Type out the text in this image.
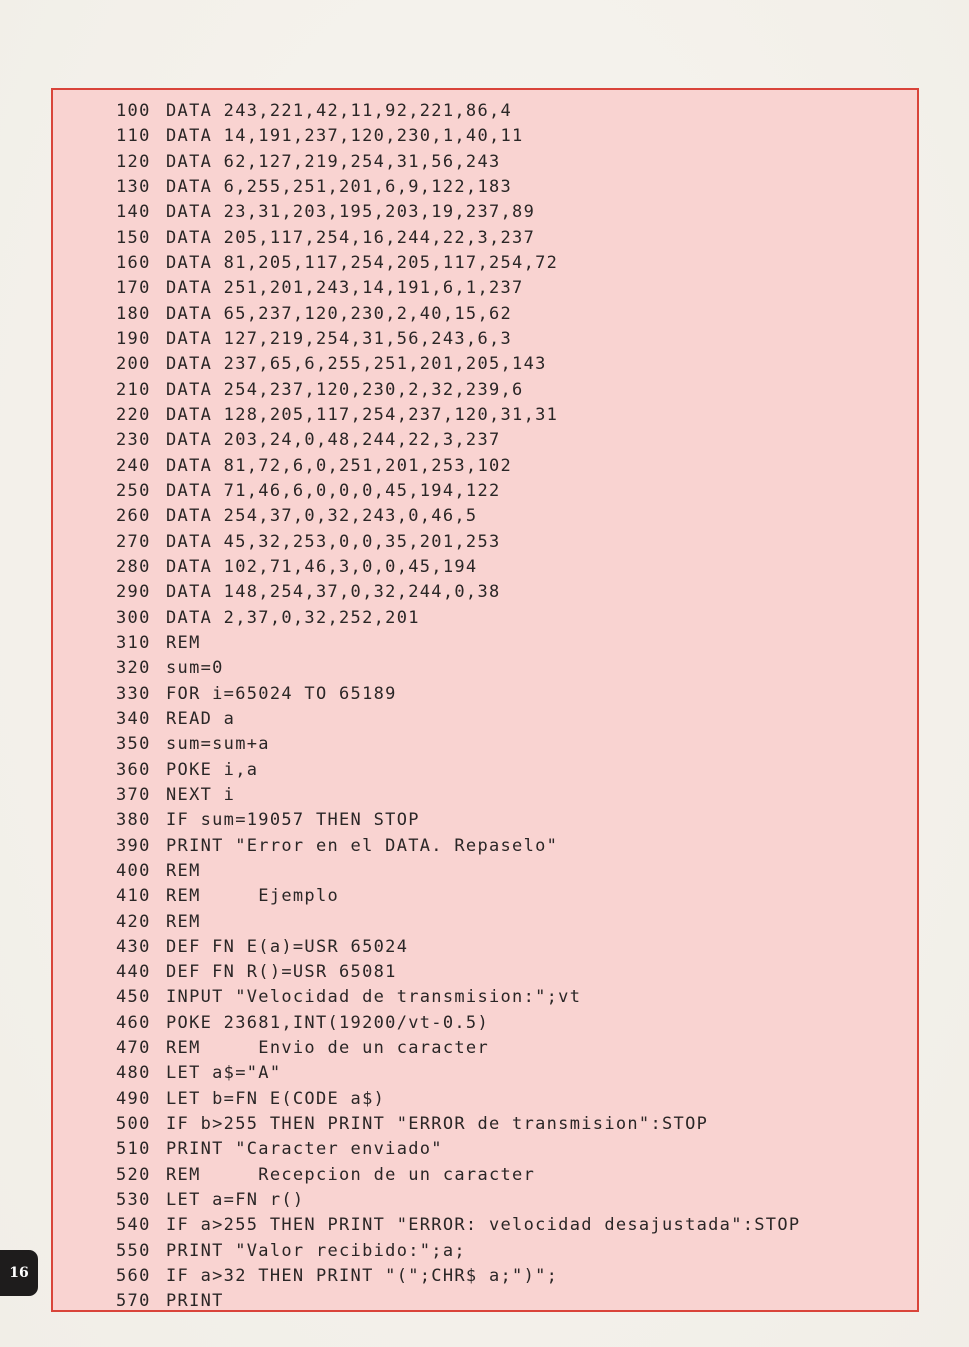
100 DATA 243,221,42,11,92,221,86,4
110 DATA 14,191,237,120,230,1,40,11
120 DATA 62,127,219,254,31,56,243
130 DATA 6,255,251,201,6,9,122,183
140 DATA 23,31,203,195,203,19,237,89
150 DATA 205,117,254,16,244,22,3,237
160 DATA 81,205,117,254,205,117,254,72
170 DATA 251,201,243,14,191,6,1,237
180 DATA 65,237,120,230,2,40,15,62
190 DATA 127,219,254,31,56,243,6,3
200 DATA 237,65,6,255,251,201,205,143
210 DATA 254,237,120,230,2,32,239,6
220 DATA 128,205,117,254,237,120,31,31
230 DATA 203,24,0,48,244,22,3,237
240 DATA 81,72,6,0,251,201,253,102
250 DATA 71,46,6,0,0,0,45,194,122
260 DATA 254,37,0,32,243,0,46,5
270 DATA 45,32,253,0,0,35,201,253
280 DATA 102,71,46,3,0,0,45,194
290 DATA 148,254,37,0,32,244,0,38
300 DATA 2,37,0,32,252,201
310 REM
320 sum=0
330 FOR i=65024 TO 65189
340 READ a
350 sum=sum+a
360 POKE i,a
370 NEXT i
380 IF sum=19057 THEN STOP
390 PRINT "Error en el DATA. Repaselo"
400 REM
410 REM     Ejemplo
420 REM
430 DEF FN E(a)=USR 65024
440 DEF FN R()=USR 65081
450 INPUT "Velocidad de transmision:";vt
460 POKE 23681,INT(19200/vt-0.5)
470 REM     Envio de un caracter
480 LET a$="A"
490 LET b=FN E(CODE a$)
500 IF b>255 THEN PRINT "ERROR de transmision":STOP
510 PRINT "Caracter enviado"
520 REM     Recepcion de un caracter
530 LET a=FN r()
540 IF a>255 THEN PRINT "ERROR: velocidad desajustada":STOP
550 PRINT "Valor recibido:";a;
560 IF a>32 THEN PRINT "(";CHR$ a;")";
570 PRINT
16
